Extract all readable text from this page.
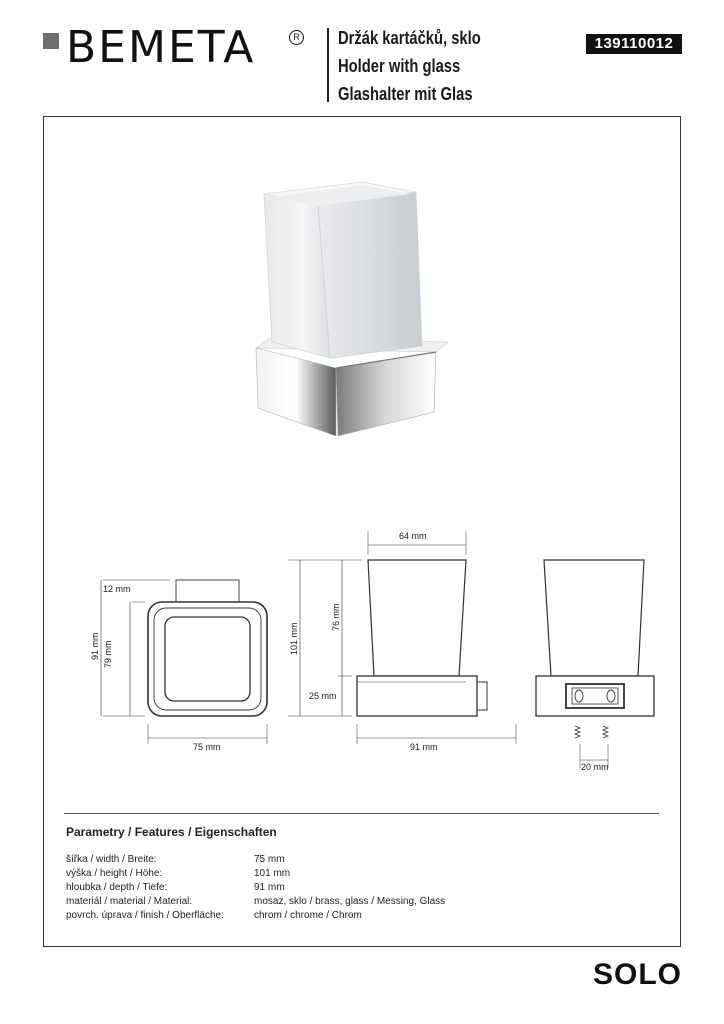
BEMETA	R Držák kartáčků, sklo
Holder with glass
Glashalter mit Glas
139110012
12 mm
91 mm 79 mm
75 mm
64 mm
101 mm
76 mm
25 mm
91 mm
20 mm
Parametry / Features / Eigenschaften
šířka / width / Breite:	75 mm
výška / height / Höhe:	101 mm
hloubka / depth / Tiefe:	91 mm
materiál / material / Material:	mosaz, sklo / brass, glass / Messing, Glass
povrch. úprava / finish / Oberfläche:	chrom / chrome / Chrom
SOLO
